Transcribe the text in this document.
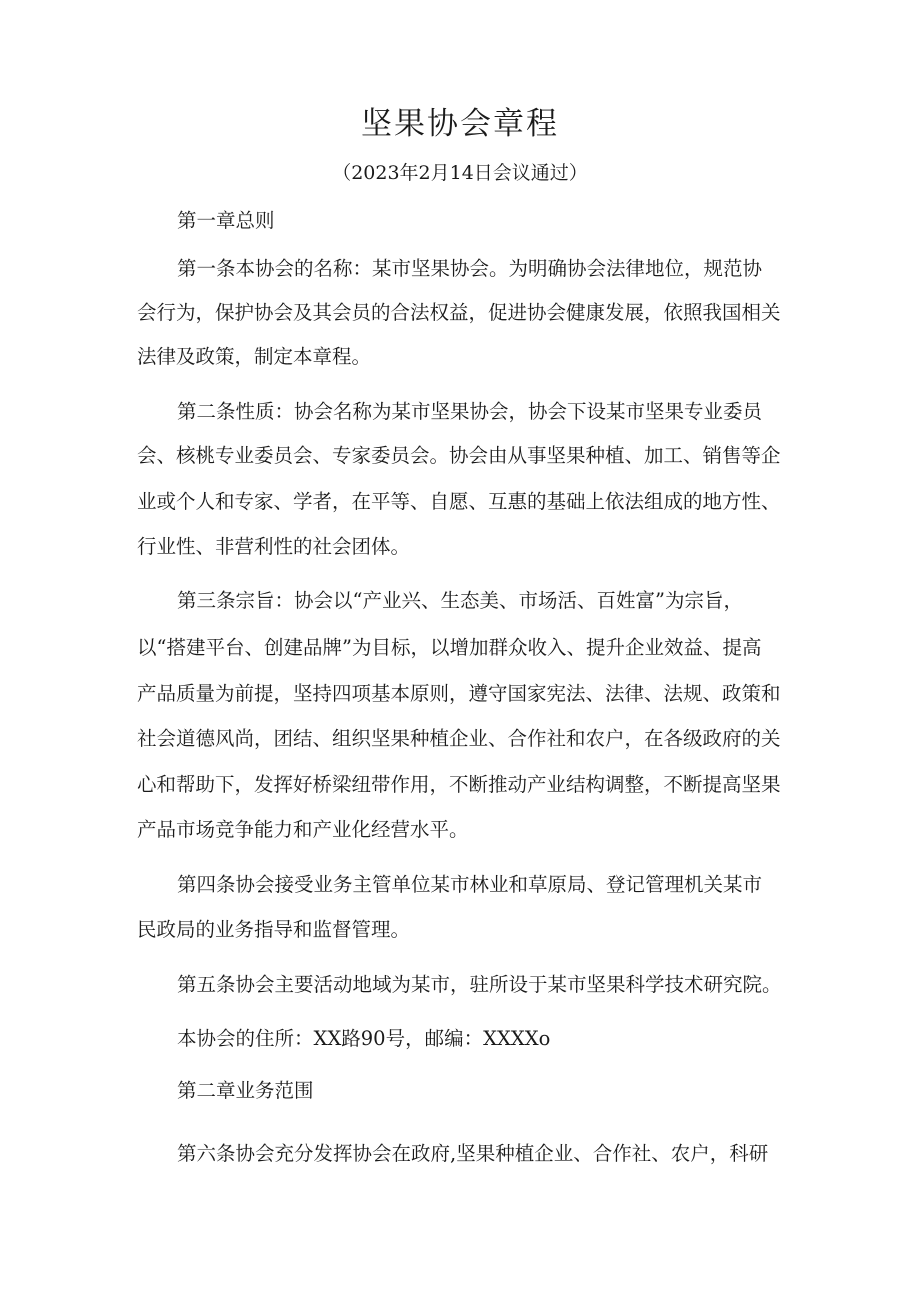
坚果协会章程
（2023年2月14日会议通过）
第一章总则
第一条本协会的名称：某市坚果协会。为明确协会法律地位，规范协
会行为，保护协会及其会员的合法权益，促进协会健康发展，依照我国相关
法律及政策，制定本章程。
第二条性质：协会名称为某市坚果协会，协会下设某市坚果专业委员
会、核桃专业委员会、专家委员会。协会由从事坚果种植、加工、销售等企
业或个人和专家、学者，在平等、自愿、互惠的基础上依法组成的地方性、
行业性、非营利性的社会团体。
第三条宗旨：协会以“产业兴、生态美、市场活、百姓富”为宗旨，
以“搭建平台、创建品牌”为目标，以增加群众收入、提升企业效益、提高
产品质量为前提，坚持四项基本原则，遵守国家宪法、法律、法规、政策和
社会道德风尚，团结、组织坚果种植企业、合作社和农户，在各级政府的关
心和帮助下，发挥好桥梁纽带作用，不断推动产业结构调整，不断提高坚果
产品市场竞争能力和产业化经营水平。
第四条协会接受业务主管单位某市林业和草原局、登记管理机关某市
民政局的业务指导和监督管理。
第五条协会主要活动地域为某市，驻所设于某市坚果科学技术研究院。
本协会的住所：XX路90号，邮编：XXXXo
第二章业务范围
第六条协会充分发挥协会在政府,坚果种植企业、合作社、农户，科研
